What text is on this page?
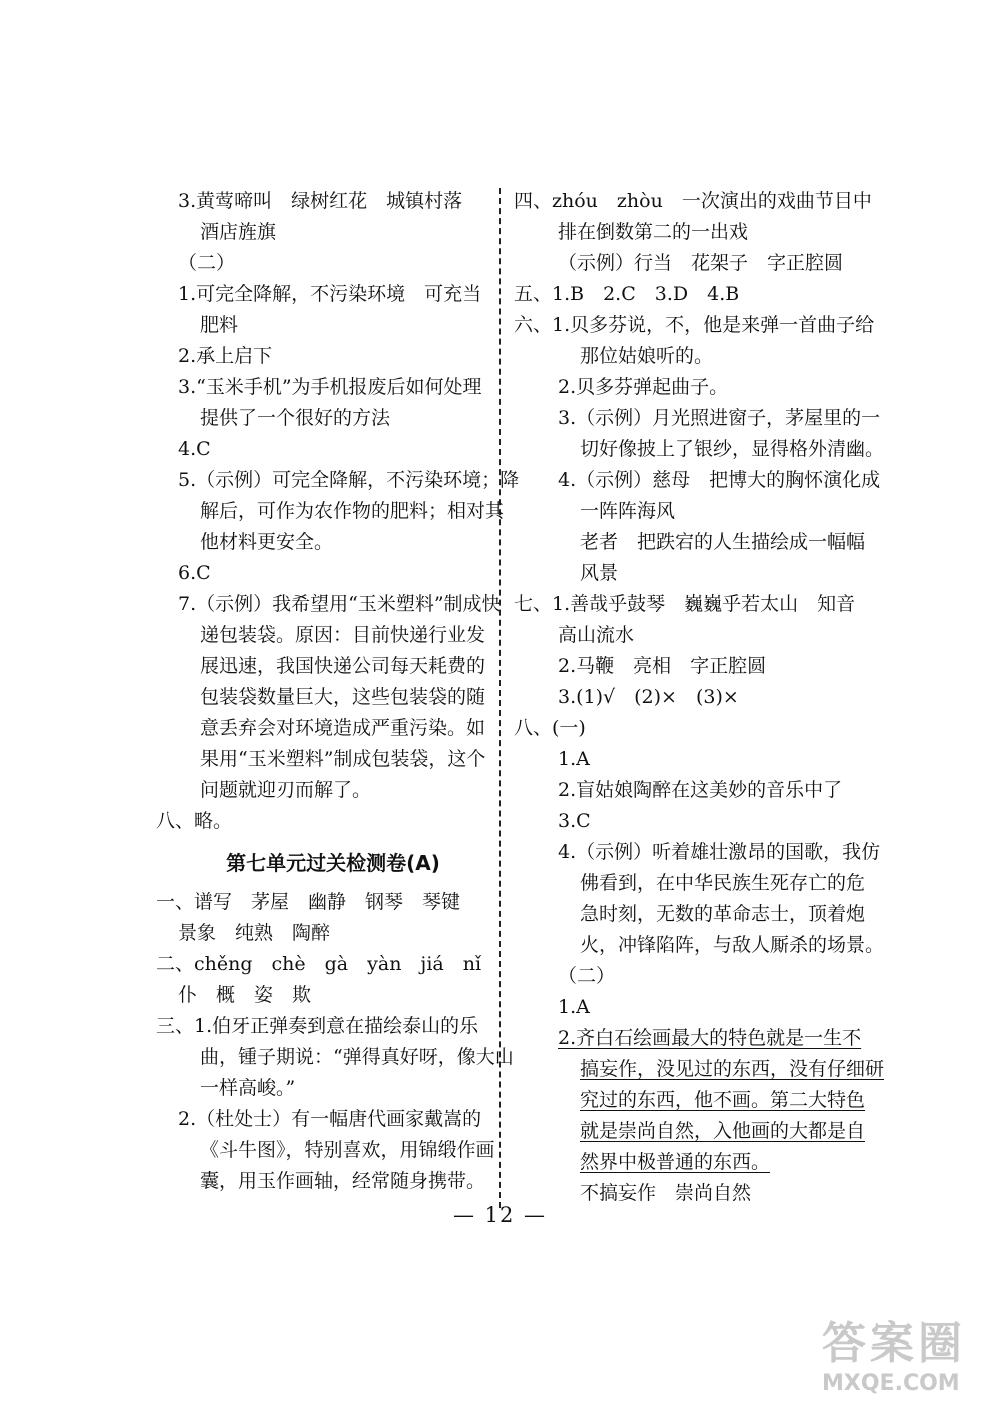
3.黄莺啼叫　绿树红花　城镇村落
酒店旌旗
（二）
1.可完全降解，不污染环境　可充当
肥料
2.承上启下
3.“玉米手机”为手机报废后如何处理
提供了一个很好的方法
4.C
5.（示例）可完全降解，不污染环境；降
解后，可作为农作物的肥料；相对其
他材料更安全。
6.C
7.（示例）我希望用“玉米塑料”制成快
递包装袋。原因：目前快递行业发
展迅速，我国快递公司每天耗费的
包装袋数量巨大，这些包装袋的随
意丢弃会对环境造成严重污染。如
果用“玉米塑料”制成包装袋，这个
问题就迎刃而解了。
八、略。
第七单元过关检测卷(A)
一、谱写　茅屋　幽静　钢琴　琴键
景象　纯熟　陶醉
二、chěng　chè　gà　yàn　jiá　nǐ
仆　概　姿　欺
三、1.伯牙正弹奏到意在描绘泰山的乐
曲，锺子期说：“弹得真好呀，像大山
一样高峻。”
2.（杜处士）有一幅唐代画家戴嵩的
《斗牛图》，特别喜欢，用锦缎作画
囊，用玉作画轴，经常随身携带。
四、zhóu　zhòu　一次演出的戏曲节目中
排在倒数第二的一出戏
（示例）行当　花架子　字正腔圆
五、1.B　2.C　3.D　4.B
六、1.贝多芬说，不，他是来弹一首曲子给
那位姑娘听的。
2.贝多芬弹起曲子。
3.（示例）月光照进窗子，茅屋里的一
切好像披上了银纱，显得格外清幽。
4.（示例）慈母　把博大的胸怀演化成
一阵阵海风
老者　把跌宕的人生描绘成一幅幅
风景
七、1.善哉乎鼓琴　巍巍乎若太山　知音
高山流水
2.马鞭　亮相　字正腔圆
3.(1)√　(2)×　(3)×
八、(一)
1.A
2.盲姑娘陶醉在这美妙的音乐中了
3.C
4.（示例）听着雄壮激昂的国歌，我仿
佛看到，在中华民族生死存亡的危
急时刻，无数的革命志士，顶着炮
火，冲锋陷阵，与敌人厮杀的场景。
（二）
1.A
2.齐白石绘画最大的特色就是一生不
搞妄作，没见过的东西，没有仔细研
究过的东西，他不画。第二大特色
就是崇尚自然，入他画的大都是自
然界中极普通的东西。
不搞妄作　崇尚自然
— 12 —
答案圈
MXQE.COM
